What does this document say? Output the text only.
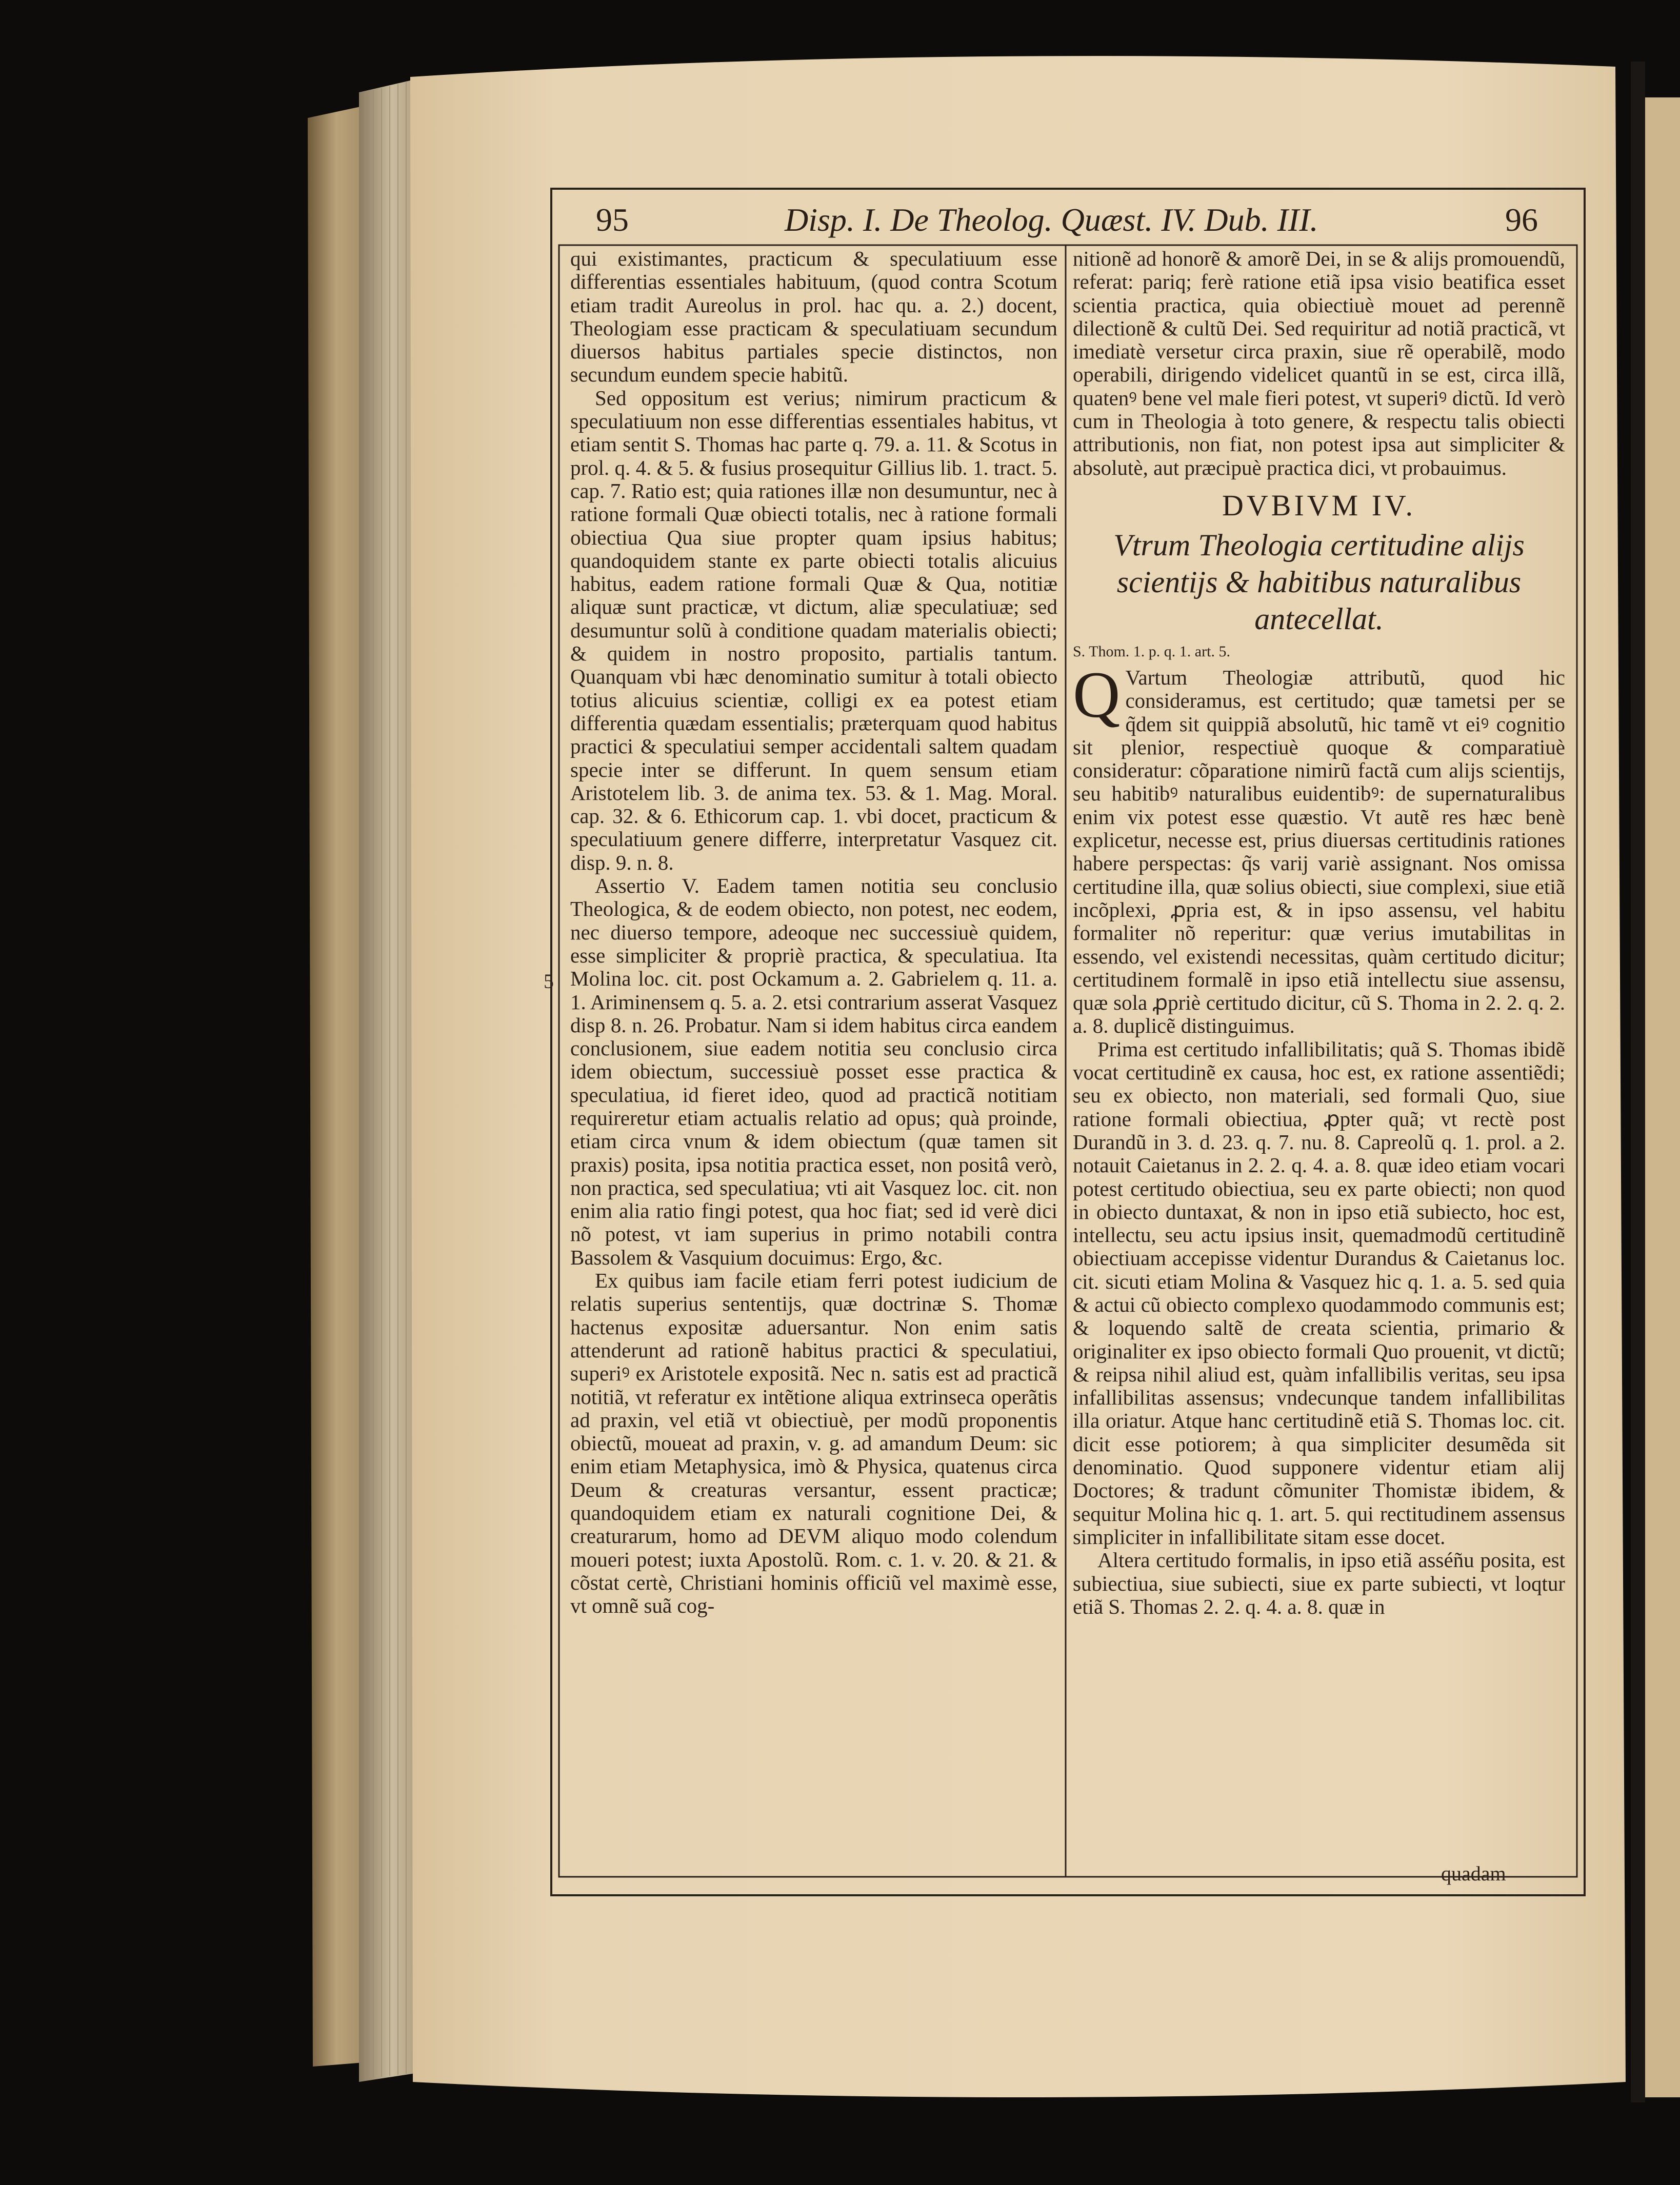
95	Disp. I. De Theolog. Quæst. IV. Dub. III.	96

qui existimantes, practicum & speculatiuum esse differentias essentiales habituum, (quod contra Scotum etiam tradit Aureolus in prol. hac qu. a. 2.) docent, Theologiam esse practicam & speculatiuam secundum diuersos habitus partiales specie distinctos, non secundum eundem specie habitũ.

Sed oppositum est verius; nimirum practicum & speculatiuum non esse differentias essentiales habitus, vt etiam sentit S. Thomas hac parte q. 79. a. 11. & Scotus in prol. q. 4. & 5. & fusius prosequitur Gillius lib. 1. tract. 5. cap. 7. Ratio est; quia rationes illæ non desumuntur, nec à ratione formali Quæ obiecti totalis, nec à ratione formali obiectiua Qua siue propter quam ipsius habitus; quandoquidem stante ex parte obiecti totalis alicuius habitus, eadem ratione formali Quæ & Qua, notitiæ aliquæ sunt practicæ, vt dictum, aliæ speculatiuæ; sed desumuntur solũ à conditione quadam materialis obiecti; & quidem in nostro proposito, partialis tantum. Quanquam vbi hæc denominatio sumitur à totali obiecto totius alicuius scientiæ, colligi ex ea potest etiam differentia quædam essentialis; præterquam quod habitus practici & speculatiui semper accidentali saltem quadam specie inter se differunt. In quem sensum etiam Aristotelem lib. 3. de anima tex. 53. & 1. Mag. Moral. cap. 32. & 6. Ethicorum cap. 1. vbi docet, practicum & speculatiuum genere differre, interpretatur Vasquez cit. disp. 9. n. 8.

Assertio V. Eadem tamen notitia seu conclusio Theologica, & de eodem obiecto, non potest, nec eodem, nec diuerso tempore, adeoque nec successiuè quidem, esse simpliciter & propriè practica, & speculatiua. Ita Molina loc. cit. post Ockamum a. 2. Gabrielem q. 11. a. 1. Ariminensem q. 5. a. 2. etsi contrarium asserat Vasquez disp 8. n. 26. Probatur. Nam si idem habitus circa eandem conclusionem, siue eadem notitia seu conclusio circa idem obiectum, successiuè posset esse practica & speculatiua, id fieret ideo, quod ad practicã notitiam requireretur etiam actualis relatio ad opus; quà proinde, etiam circa vnum & idem obiectum (quæ tamen sit praxis) posita, ipsa notitia practica esset, non positâ verò, non practica, sed speculatiua; vti ait Vasquez loc. cit. non enim alia ratio fingi potest, qua hoc fiat; sed id verè dici nõ potest, vt iam superius in primo notabili contra Bassolem & Vasquium docuimus: Ergo, &c.

Ex quibus iam facile etiam ferri potest iudicium de relatis superius sententijs, quæ doctrinæ S. Thomæ hactenus expositæ aduersantur. Non enim satis attenderunt ad rationẽ habitus practici & speculatiui, superiꝰ ex Aristotele expositã. Nec n. satis est ad practicã notitiã, vt referatur ex intẽtione aliqua extrinseca operãtis ad praxin, vel etiã vt obiectiuè, per modũ proponentis obiectũ, moueat ad praxin, v. g. ad amandum Deum: sic enim etiam Metaphysica, imò & Physica, quatenus circa Deum & creaturas versantur, essent practicæ; quandoquidem etiam ex naturali cognitione Dei, & creaturarum, homo ad DEVM aliquo modo colendum moueri potest; iuxta Apostolũ. Rom. c. 1. v. 20. & 21. & cõstat certè, Christiani hominis officiũ vel maximè esse, vt omnẽ suã cog-

nitionẽ ad honorẽ & amorẽ Dei, in se & alijs promouendũ, referat: pariq; ferè ratione etiã ipsa visio beatifica esset scientia practica, quia obiectiuè mouet ad perennẽ dilectionẽ & cultũ Dei. Sed requiritur ad notiã practicã, vt imediatè versetur circa praxin, siue rẽ operabilẽ, modo operabili, dirigendo videlicet quantũ in se est, circa illã, quatenꝰ bene vel male fieri potest, vt superiꝰ dictũ. Id verò cum in Theologia à toto genere, & respectu talis obiecti attributionis, non fiat, non potest ipsa aut simpliciter & absolutè, aut præcipuè practica dici, vt probauimus.

DVBIVM IV.
Vtrum Theologia certitudine alijs scientijs & habitibus naturalibus antecellat.

S. Thom. 1. p. q. 1. art. 5.

Q Vartum Theologiæ attributũ, quod hic consideramus, est certitudo; quæ tametsi per se q̃dem sit quippiã absolutũ, hic tamẽ vt eiꝰ cognitio sit plenior, respectiuè quoque & comparatiuè consideratur: cõparatione nimirũ factã cum alijs scientijs, seu habitibꝰ naturalibus euidentibꝰ: de supernaturalibus enim vix potest esse quæstio. Vt autẽ res hæc benè explicetur, necesse est, prius diuersas certitudinis rationes habere perspectas: q̃s varij variè assignant. Nos omissa certitudine illa, quæ solius obiecti, siue complexi, siue etiã incõplexi, ꝓpria est, & in ipso assensu, vel habitu formaliter nõ reperitur: quæ verius imutabilitas in essendo, vel existendi necessitas, quàm certitudo dicitur; certitudinem formalẽ in ipso etiã intellectu siue assensu, quæ sola ꝓpriè certitudo dicitur, cũ S. Thoma in 2. 2. q. 2. a. 8. duplicẽ distinguimus.

Prima est certitudo infallibilitatis; quã S. Thomas ibidẽ vocat certitudinẽ ex causa, hoc est, ex ratione assentiẽdi; seu ex obiecto, non materiali, sed formali Quo, siue ratione formali obiectiua, ꝓpter quã; vt rectè post Durandũ in 3. d. 23. q. 7. nu. 8. Capreolũ q. 1. prol. a 2. notauit Caietanus in 2. 2. q. 4. a. 8. quæ ideo etiam vocari potest certitudo obiectiua, seu ex parte obiecti; non quod in obiecto duntaxat, & non in ipso etiã subiecto, hoc est, intellectu, seu actu ipsius insit, quemadmodũ certitudinẽ obiectiuam accepisse videntur Durandus & Caietanus loc. cit. sicuti etiam Molina & Vasquez hic q. 1. a. 5. sed quia & actui cũ obiecto complexo quodammodo communis est; & loquendo saltẽ de creata scientia, primario & originaliter ex ipso obiecto formali Quo prouenit, vt dictũ; & reipsa nihil aliud est, quàm infallibilis veritas, seu ipsa infallibilitas assensus; vndecunque tandem infallibilitas illa oriatur. Atque hanc certitudinẽ etiã S. Thomas loc. cit. dicit esse potiorem; à qua simpliciter desumẽda sit denominatio. Quod supponere videntur etiam alij Doctores; & tradunt cõmuniter Thomistæ ibidem, & sequitur Molina hic q. 1. art. 5. qui rectitudinem assensus simpliciter in infallibilitate sitam esse docet.

Altera certitudo formalis, in ipso etiã asséñu posita, est subiectiua, siue subiecti, siue ex parte subiecti, vt loqtur etiã S. Thomas 2. 2. q. 4. a. 8. quæ in

quadam
5
